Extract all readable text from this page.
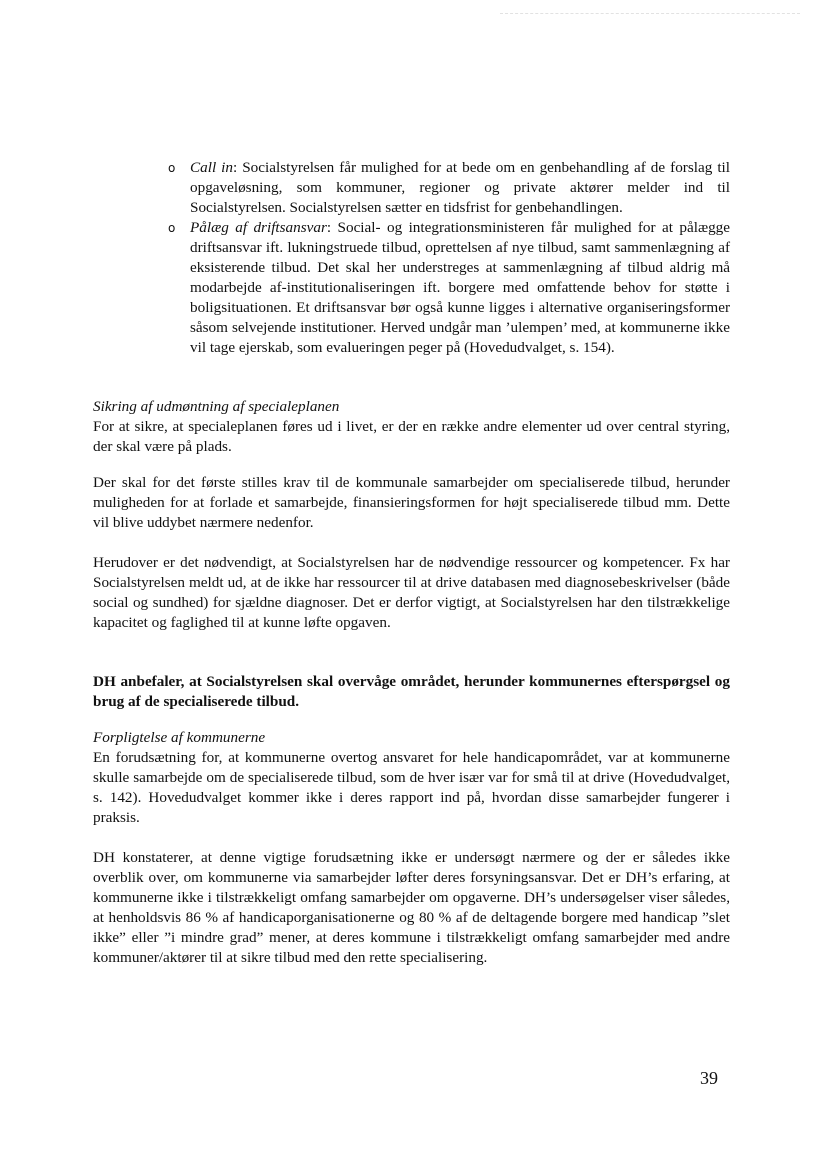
o Call in: Socialstyrelsen får mulighed for at bede om en genbehandling af de forslag til opgaveløsning, som kommuner, regioner og private aktører melder ind til Socialstyrelsen. Socialstyrelsen sætter en tidsfrist for genbehandlingen.

o Pålæg af driftsansvar: Social- og integrationsministeren får mulighed for at pålægge driftsansvar ift. lukningstruede tilbud, oprettelsen af nye tilbud, samt sammenlægning af eksisterende tilbud. Det skal her understreges at sammenlægning af tilbud aldrig må modarbejde af-institutionaliseringen ift. borgere med omfattende behov for støtte i boligsituationen. Et driftsansvar bør også kunne ligges i alternative organiseringsformer såsom selvejende institutioner. Herved undgår man ’ulempen’ med, at kommunerne ikke vil tage ejerskab, som evalueringen peger på (Hovedudvalget, s. 154).

Sikring af udmøntning af specialeplanen

For at sikre, at specialeplanen føres ud i livet, er der en række andre elementer ud over central styring, der skal være på plads.

Der skal for det første stilles krav til de kommunale samarbejder om specialiserede tilbud, herunder muligheden for at forlade et samarbejde, finansieringsformen for højt specialiserede tilbud mm. Dette vil blive uddybet nærmere nedenfor.

Herudover er det nødvendigt, at Socialstyrelsen har de nødvendige ressourcer og kompetencer. Fx har Socialstyrelsen meldt ud, at de ikke har ressourcer til at drive databasen med diagnosebeskrivelser (både social og sundhed) for sjældne diagnoser. Det er derfor vigtigt, at Socialstyrelsen har den tilstrækkelige kapacitet og faglighed til at kunne løfte opgaven.

DH anbefaler, at Socialstyrelsen skal overvåge området, herunder kommunernes efterspørgsel og brug af de specialiserede tilbud.

Forpligtelse af kommunerne

En forudsætning for, at kommunerne overtog ansvaret for hele handicapområdet, var at kommunerne skulle samarbejde om de specialiserede tilbud, som de hver især var for små til at drive (Hovedudvalget, s. 142). Hovedudvalget kommer ikke i deres rapport ind på, hvordan disse samarbejder fungerer i praksis.

DH konstaterer, at denne vigtige forudsætning ikke er undersøgt nærmere og der er således ikke overblik over, om kommunerne via samarbejder løfter deres forsyningsansvar. Det er DH’s erfaring, at kommunerne ikke i tilstrækkeligt omfang samarbejder om opgaverne. DH’s undersøgelser viser således, at henholdsvis 86 % af handicaporganisationerne og 80 % af de deltagende borgere med handicap ”slet ikke” eller ”i mindre grad” mener, at deres kommune i tilstrækkeligt omfang samarbejder med andre kommuner/aktører til at sikre tilbud med den rette specialisering.

39
